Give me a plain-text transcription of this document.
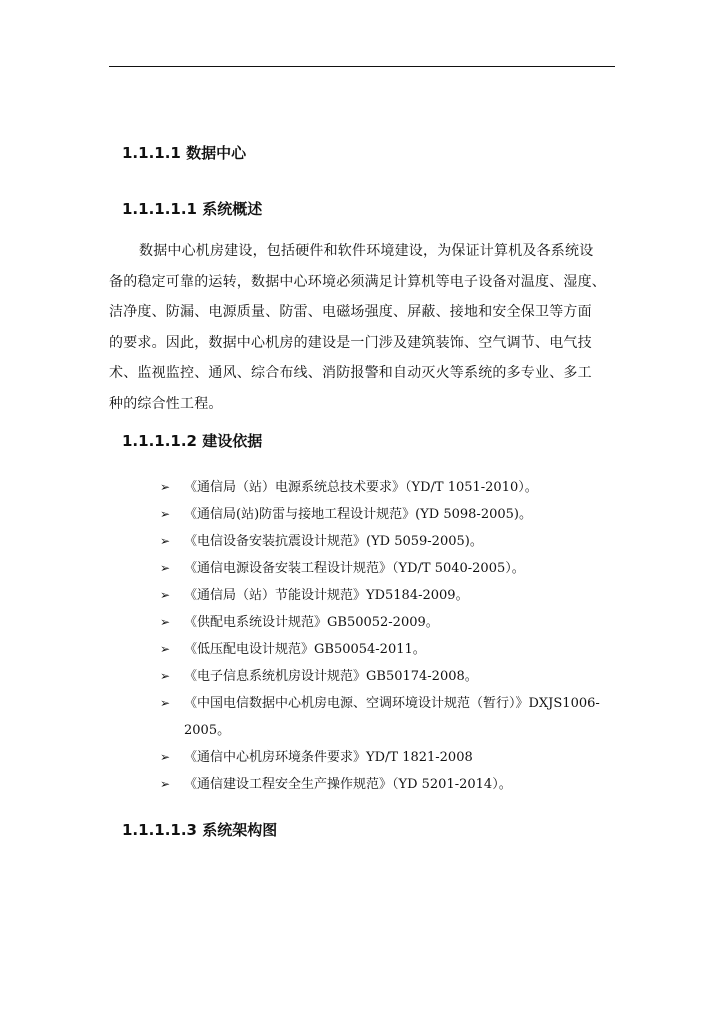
1.1.1.1 数据中心
1.1.1.1.1 系统概述
数据中心机房建设，包括硬件和软件环境建设，为保证计算机及各系统设
备的稳定可靠的运转，数据中心环境必须满足计算机等电子设备对温度、湿度、
洁净度、防漏、电源质量、防雷、电磁场强度、屏蔽、接地和安全保卫等方面
的要求。因此，数据中心机房的建设是一门涉及建筑装饰、空气调节、电气技
术、监视监控、通风、综合布线、消防报警和自动灭火等系统的多专业、多工
种的综合性工程。
1.1.1.1.2 建设依据
➢	《通信局（站）电源系统总技术要求》（YD/T 1051-2010）。
➢	《通信局(站)防雷与接地工程设计规范》(YD 5098-2005)。
➢	《电信设备安装抗震设计规范》(YD 5059-2005)。
➢	《通信电源设备安装工程设计规范》（YD/T 5040-2005）。
➢	《通信局（站）节能设计规范》YD5184-2009。
➢	《供配电系统设计规范》GB50052-2009。
➢	《低压配电设计规范》GB50054-2011。
➢	《电子信息系统机房设计规范》GB50174-2008。
➢	《中国电信数据中心机房电源、空调环境设计规范（暂行）》DXJS1006-2005。
➢	《通信中心机房环境条件要求》YD/T 1821-2008
➢	《通信建设工程安全生产操作规范》（YD 5201-2014）。
1.1.1.1.3 系统架构图
